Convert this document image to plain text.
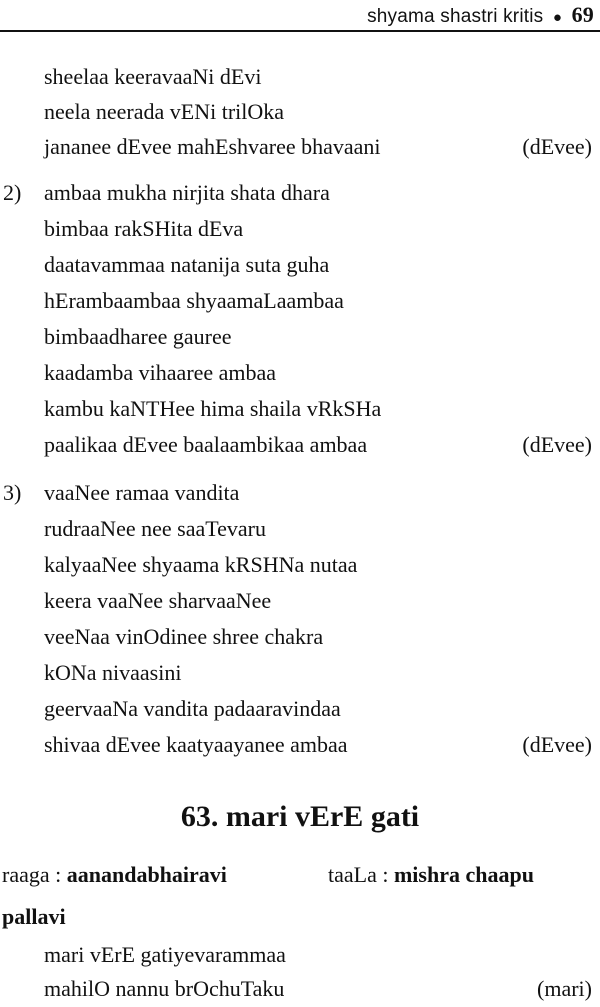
shyama shastri kritis ● 69
sheelaa keeravaaNi dEvi
neela neerada vENi trilOka
jananee dEvee mahEshvaree bhavaani	(dEvee)
2) ambaa mukha nirjita shata dhara
bimbaa rakSHita dEva
daatavammaa natanija suta guha
hErambaambaa shyaamaLaambaa
bimbaadharee gauree
kaadamba vihaaree ambaa
kambu kaNTHee hima shaila vRkSHa
paalikaa dEvee baalaambikaa ambaa	(dEvee)
3) vaaNee ramaa vandita
rudraaNee nee saaTevaru
kalyaaNee shyaama kRSHNa nutaa
keera vaaNee sharvaaNee
veeNaa vinOdinee shree chakra
kONa nivaasini
geervaaNa vandita padaaravindaa
shivaa dEvee kaatyaayanee ambaa	(dEvee)
63. mari vErE gati
raaga : aanandabhairavi	taaLa : mishra chaapu
pallavi
mari vErE gatiyevarammaa
mahilO nannu brOchuTaku	(mari)
